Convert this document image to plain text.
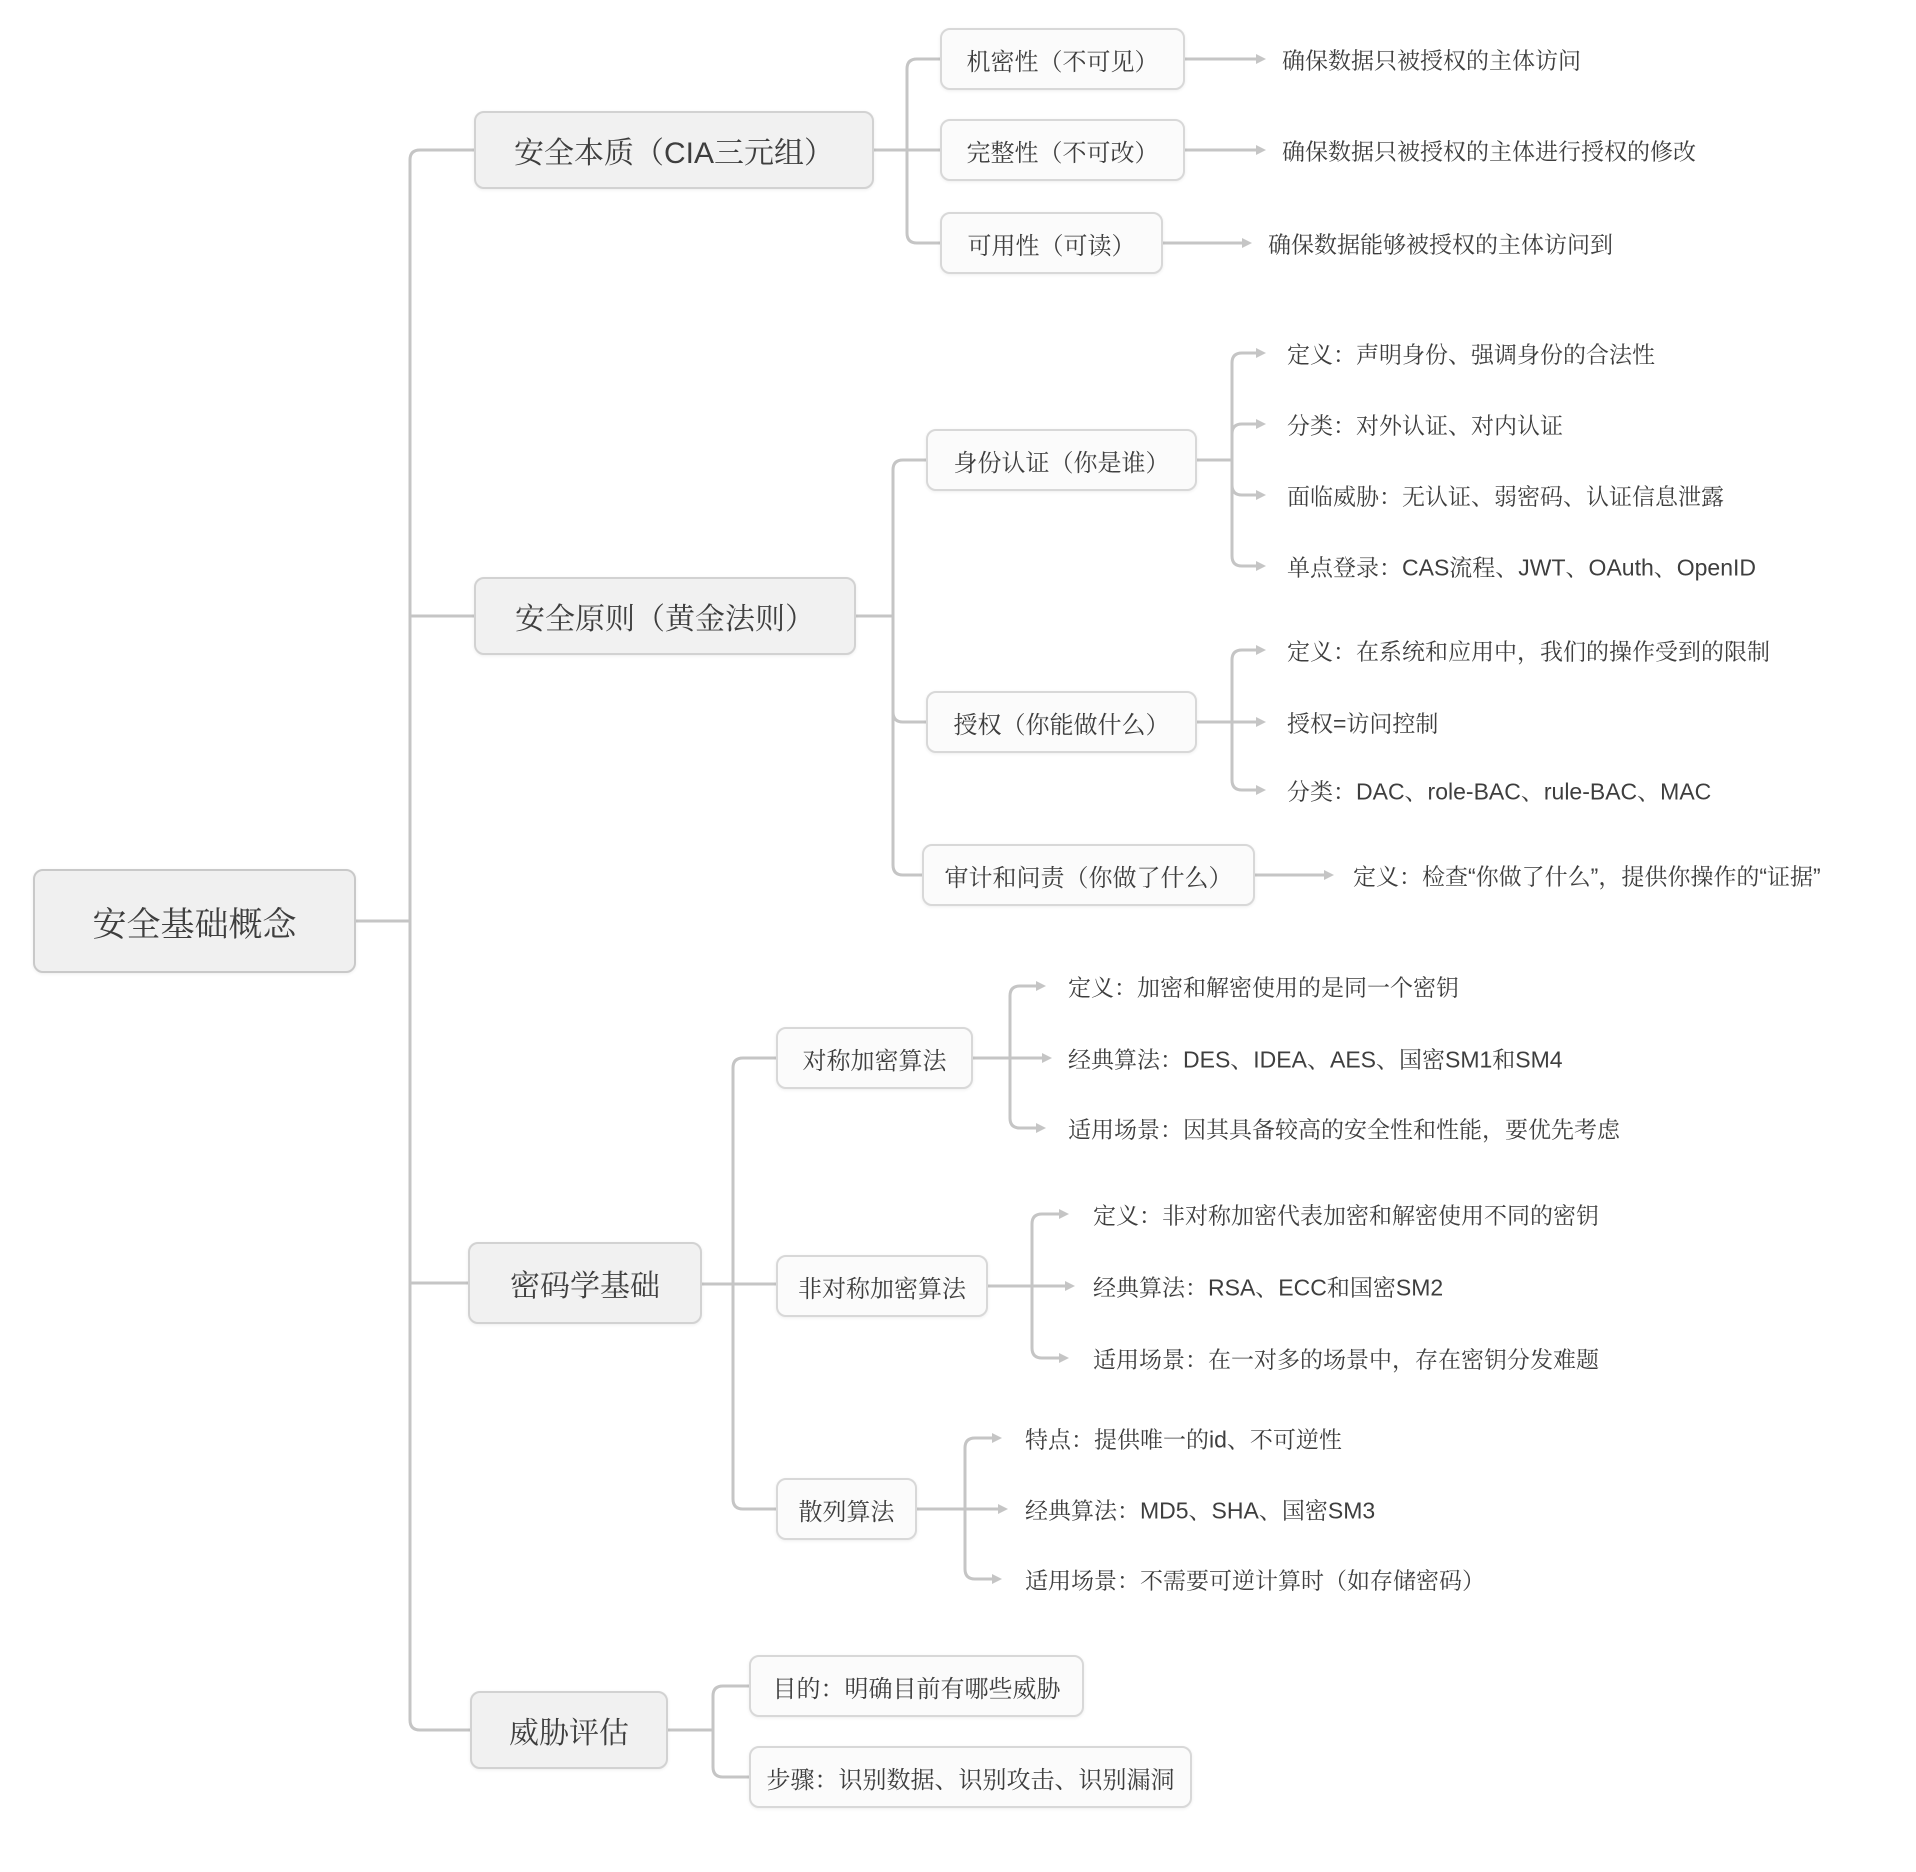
安全基础概念
安全本质（CIA三元组）
安全原则（黄金法则）
密码学基础
威胁评估
机密性（不可见）
完整性（不可改）
可用性（可读）
确保数据只被授权的主体访问
确保数据只被授权的主体进行授权的修改
确保数据能够被授权的主体访问到
身份认证（你是谁）
授权（你能做什么）
审计和问责（你做了什么）
定义：声明身份、强调身份的合法性
分类：对外认证、对内认证
面临威胁：无认证、弱密码、认证信息泄露
单点登录：CAS流程、JWT、OAuth、OpenID
定义：在系统和应用中，我们的操作受到的限制
授权=访问控制
分类：DAC、role-BAC、rule-BAC、MAC
定义：检查“你做了什么”，提供你操作的“证据”
对称加密算法
非对称加密算法
散列算法
定义：加密和解密使用的是同一个密钥
经典算法：DES、IDEA、AES、国密SM1和SM4
适用场景：因其具备较高的安全性和性能，要优先考虑
定义：非对称加密代表加密和解密使用不同的密钥
经典算法：RSA、ECC和国密SM2
适用场景：在一对多的场景中，存在密钥分发难题
特点：提供唯一的id、不可逆性
经典算法：MD5、SHA、国密SM3
适用场景：不需要可逆计算时（如存储密码）
目的：明确目前有哪些威胁
步骤：识别数据、识别攻击、识别漏洞
